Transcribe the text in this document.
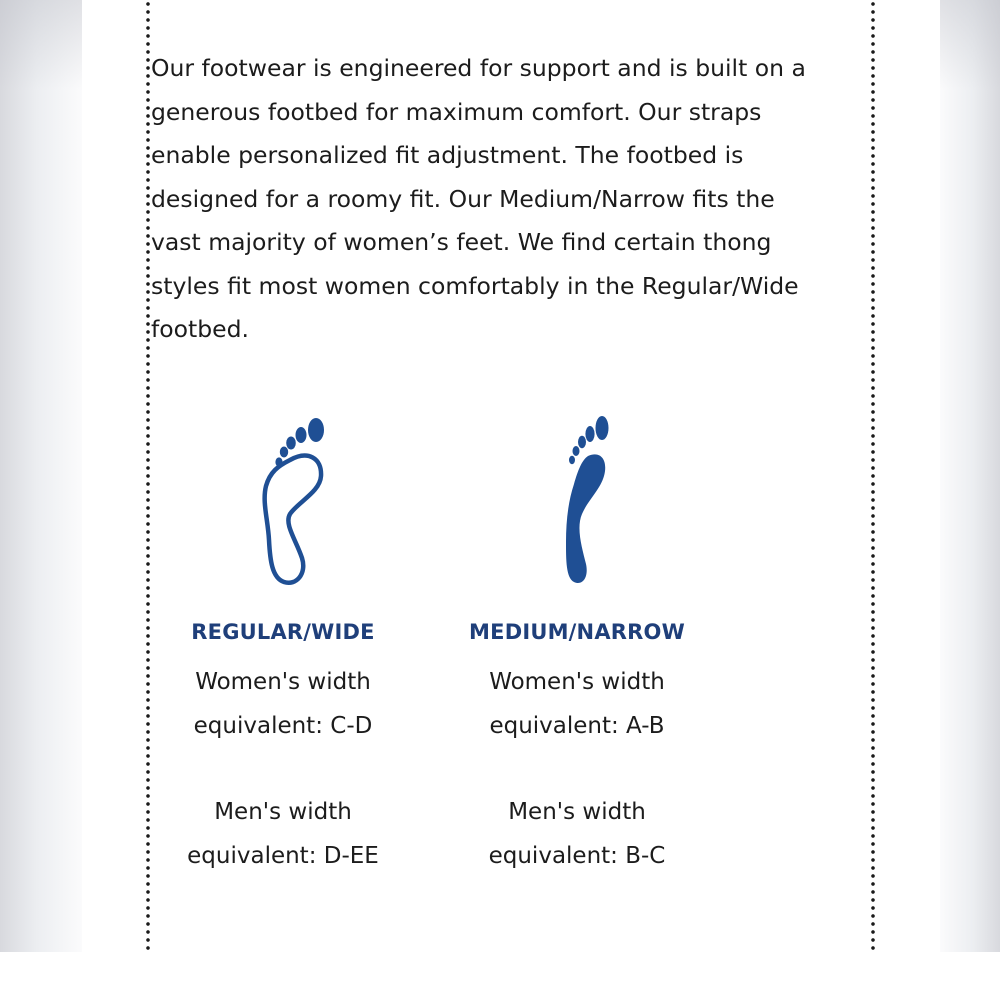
Our footwear is engineered for support and is built on a
generous footbed for maximum comfort. Our straps
enable personalized fit adjustment. The footbed is
designed for a roomy fit. Our Medium/Narrow fits the
vast majority of women’s feet. We find certain thong
styles fit most women comfortably in the Regular/Wide
footbed.
REGULAR/WIDE
Women's width
equivalent: C-D
Men's width
equivalent: D-EE
MEDIUM/NARROW
Women's width
equivalent: A-B
Men's width
equivalent: B-C
